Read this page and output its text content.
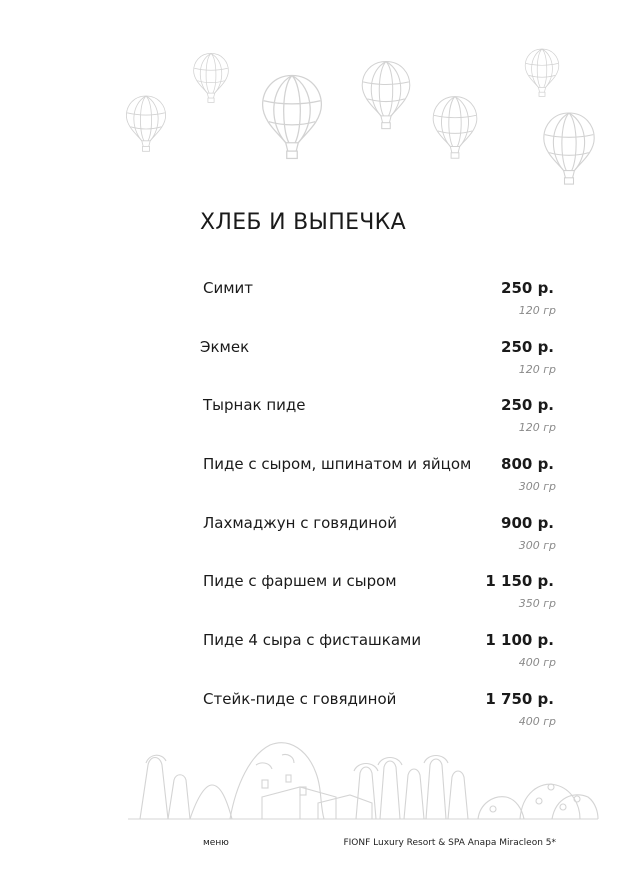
ХЛЕБ И ВЫПЕЧКА
Симит	250 р.
120 гр
Экмек	250 р.
120 гр
Тырнак пиде	250 р.
120 гр
Пиде с сыром, шпинатом и яйцом 800 р.
300 гр
Лахмаджун с говядиной	900 р.
300 гр
Пиде с фаршем и сыром	1 150 р.
350 гр
Пиде 4 сыра с фисташками	1 100 р.
400 гр
Стейк-пиде с говядиной	1 750 р.
400 гр
меню	FIONF Luxury Resort & SPA Anapa Miracleon 5*
